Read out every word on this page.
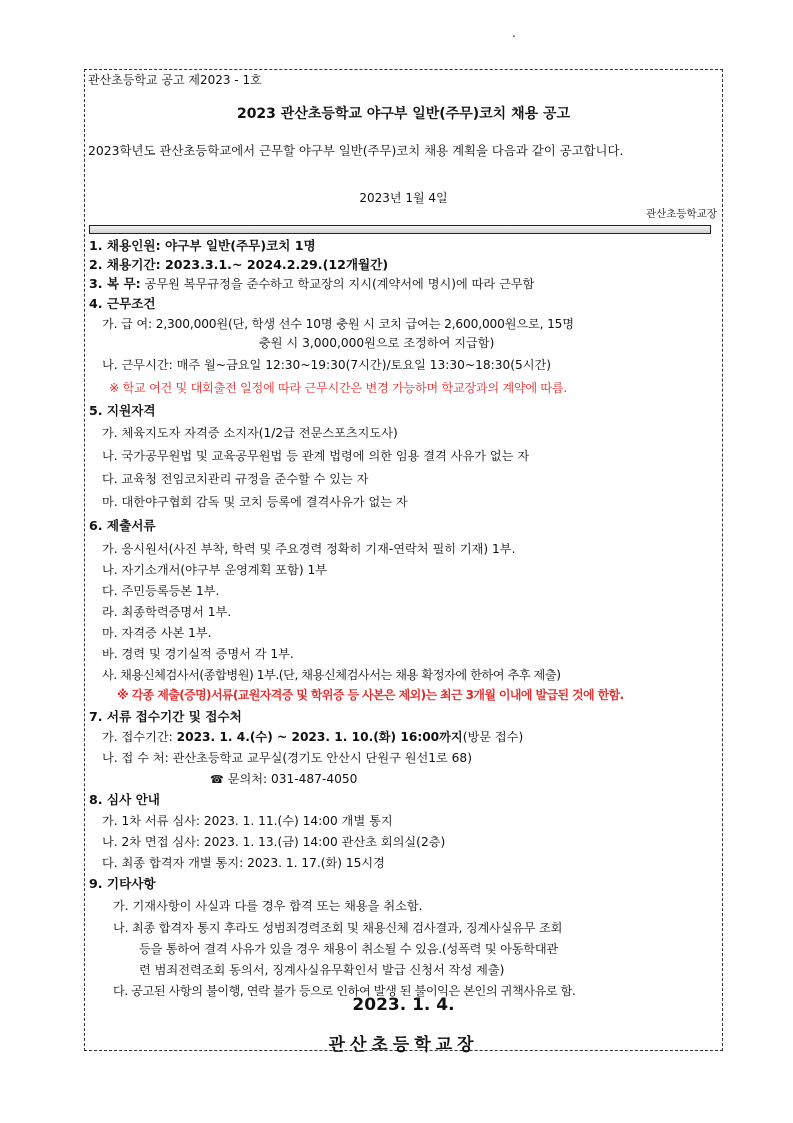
.
관산초등학교 공고 제2023 - 1호
2023 관산초등학교 야구부 일반(주무)코치 채용 공고
2023학년도 관산초등학교에서 근무할 야구부 일반(주무)코치 채용 계획을 다음과 같이 공고합니다.
2023년 1월 4일
관산초등학교장
1. 채용인원: 야구부 일반(주무)코치 1명
2. 채용기간: 2023.3.1.~ 2024.2.29.(12개월간)
3. 복 무: 공무원 복무규정을 준수하고 학교장의 지시(계약서에 명시)에 따라 근무함
4. 근무조건
가. 급 여: 2,300,000원(단, 학생 선수 10명 충원 시 코치 급여는 2,600,000원으로, 15명
충원 시 3,000,000원으로 조정하여 지급함)
나. 근무시간: 매주 월~금요일 12:30~19:30(7시간)/토요일 13:30~18:30(5시간)
※ 학교 여건 및 대회출전 일정에 따라 근무시간은 변경 가능하며 학교장과의 계약에 따름.
5. 지원자격
가. 체육지도자 자격증 소지자(1/2급 전문스포츠지도사)
나. 국가공무원법 및 교육공무원법 등 관계 법령에 의한 임용 결격 사유가 없는 자
다. 교육청 전임코치관리 규정을 준수할 수 있는 자
마. 대한야구협회 감독 및 코치 등록에 결격사유가 없는 자
6. 제출서류
가. 응시원서(사진 부착, 학력 및 주요경력 정확히 기재-연락처 필히 기재) 1부.
나. 자기소개서(야구부 운영계획 포함) 1부
다. 주민등록등본 1부.
라. 최종학력증명서 1부.
마. 자격증 사본 1부.
바. 경력 및 경기실적 증명서 각 1부.
사. 채용신체검사서(종합병원) 1부.(단, 채용신체검사서는 채용 확정자에 한하여 추후 제출)
※ 각종 제출(증명)서류(교원자격증 및 학위증 등 사본은 제외)는 최근 3개월 이내에 발급된 것에 한함.
7. 서류 접수기간 및 접수처
가. 접수기간: 2023. 1. 4.(수) ~ 2023. 1. 10.(화) 16:00까지(방문 접수)
나. 접 수 처: 관산초등학교 교무실(경기도 안산시 단원구 원선1로 68)
☎ 문의처: 031-487-4050
8. 심사 안내
가. 1차 서류 심사: 2023. 1. 11.(수) 14:00 개별 통지
나. 2차 면접 심사: 2023. 1. 13.(금) 14:00 관산초 회의실(2층)
다. 최종 합격자 개별 통지: 2023. 1. 17.(화) 15시경
9. 기타사항
가. 기재사항이 사실과 다를 경우 합격 또는 채용을 취소함.
나. 최종 합격자 통지 후라도 성범죄경력조회 및 채용신체 검사결과, 징계사실유무 조회
등을 통하여 결격 사유가 있을 경우 채용이 취소될 수 있음.(성폭력 및 아동학대관
련 범죄전력조회 동의서, 징계사실유무확인서 발급 신청서 작성 제출)
다. 공고된 사항의 불이행, 연락 불가 등으로 인하여 발생 된 불이익은 본인의 귀책사유로 함.
2023. 1. 4.
관산초등학교장
